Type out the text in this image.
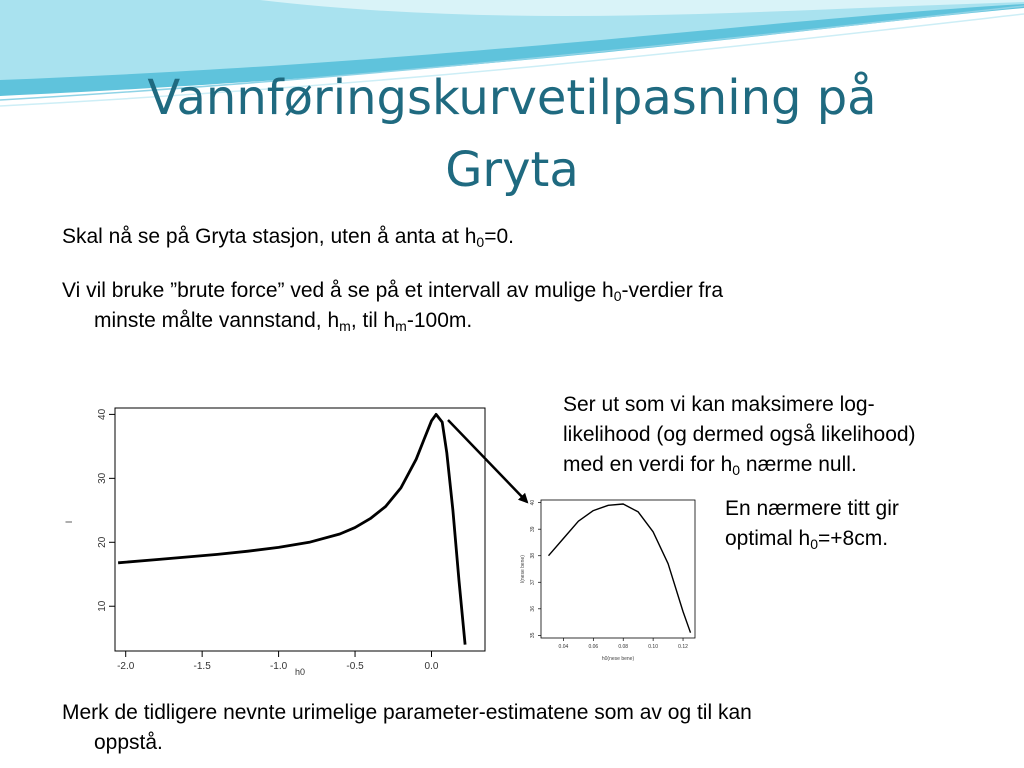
Vannføringskurvetilpasning på
Gryta
Skal nå se på Gryta stasjon, uten å anta at $h_0=0$.
Vi vil bruke ”brute force” ved å se på et intervall av mulige $h_0$-verdier fra
minste målte vannstand, $h_m$, til $h_m-100m$.
-2.0	-1.5	-1.0	-0.5	0.0
10
20
30
40
h0
l
0.04	0.06	0.08	0.10	0.12
35
36
37
38
39
40
h0(nese bene)
l(nese bene)
Ser ut som vi kan maksimere log-
likelihood (og dermed også likelihood)
med en verdi for $h_0$ nærme null.
En nærmere titt gir
optimal $h_0=+8cm$.
Merk de tidligere nevnte urimelige parameter-estimatene som av og til kan
oppstå.
